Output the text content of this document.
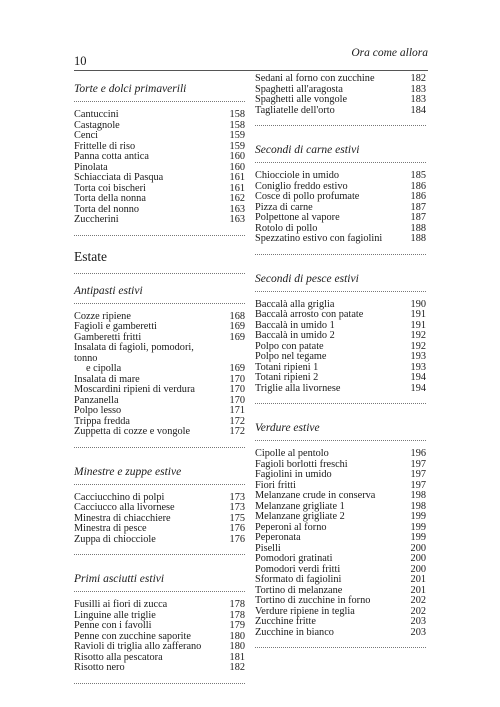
10
Ora come allora
Torte e dolci primaverili
Cantuccini	158
Castagnole	158
Cenci	159
Frittelle di riso	159
Panna cotta antica	160
Pinolata	160
Schiacciata di Pasqua	161
Torta coi bischeri	161
Torta della nonna	162
Torta del nonno	163
Zuccherini	163
Estate
Antipasti estivi
Cozze ripiene	168
Fagioli e gamberetti	169
Gamberetti fritti	169
Insalata di fagioli, pomodori, tonno
e cipolla	169
Insalata di mare	170
Moscardini ripieni di verdura	170
Panzanella	170
Polpo lesso	171
Trippa fredda	172
Zuppetta di cozze e vongole	172
Minestre e zuppe estive
Cacciucchino di polpi	173
Cacciucco alla livornese	173
Minestra di chiacchiere	175
Minestra di pesce	176
Zuppa di chiocciole	176
Primi asciutti estivi
Fusilli ai fiori di zucca	178
Linguine alle triglie	178
Penne con i favolli	179
Penne con zucchine saporite	180
Ravioli di triglia allo zafferano	180
Risotto alla pescatora	181
Risotto nero	182
Sedani al forno con zucchine	182
Spaghetti all'aragosta	183
Spaghetti alle vongole	183
Tagliatelle dell'orto	184
Secondi di carne estivi
Chiocciole in umido	185
Coniglio freddo estivo	186
Cosce di pollo profumate	186
Pizza di carne	187
Polpettone al vapore	187
Rotolo di pollo	188
Spezzatino estivo con fagiolini	188
Secondi di pesce estivi
Baccalà alla griglia	190
Baccalà arrosto con patate	191
Baccalà in umido 1	191
Baccalà in umido 2	192
Polpo con patate	192
Polpo nel tegame	193
Totani ripieni 1	193
Totani ripieni 2	194
Triglie alla livornese	194
Verdure estive
Cipolle al pentolo	196
Fagioli borlotti freschi	197
Fagiolini in umido	197
Fiori fritti	197
Melanzane crude in conserva	198
Melanzane grigliate 1	198
Melanzane grigliate 2	199
Peperoni al forno	199
Peperonata	199
Piselli	200
Pomodori gratinati	200
Pomodori verdi fritti	200
Sformato di fagiolini	201
Tortino di melanzane	201
Tortino di zucchine in forno	202
Verdure ripiene in teglia	202
Zucchine fritte	203
Zucchine in bianco	203
